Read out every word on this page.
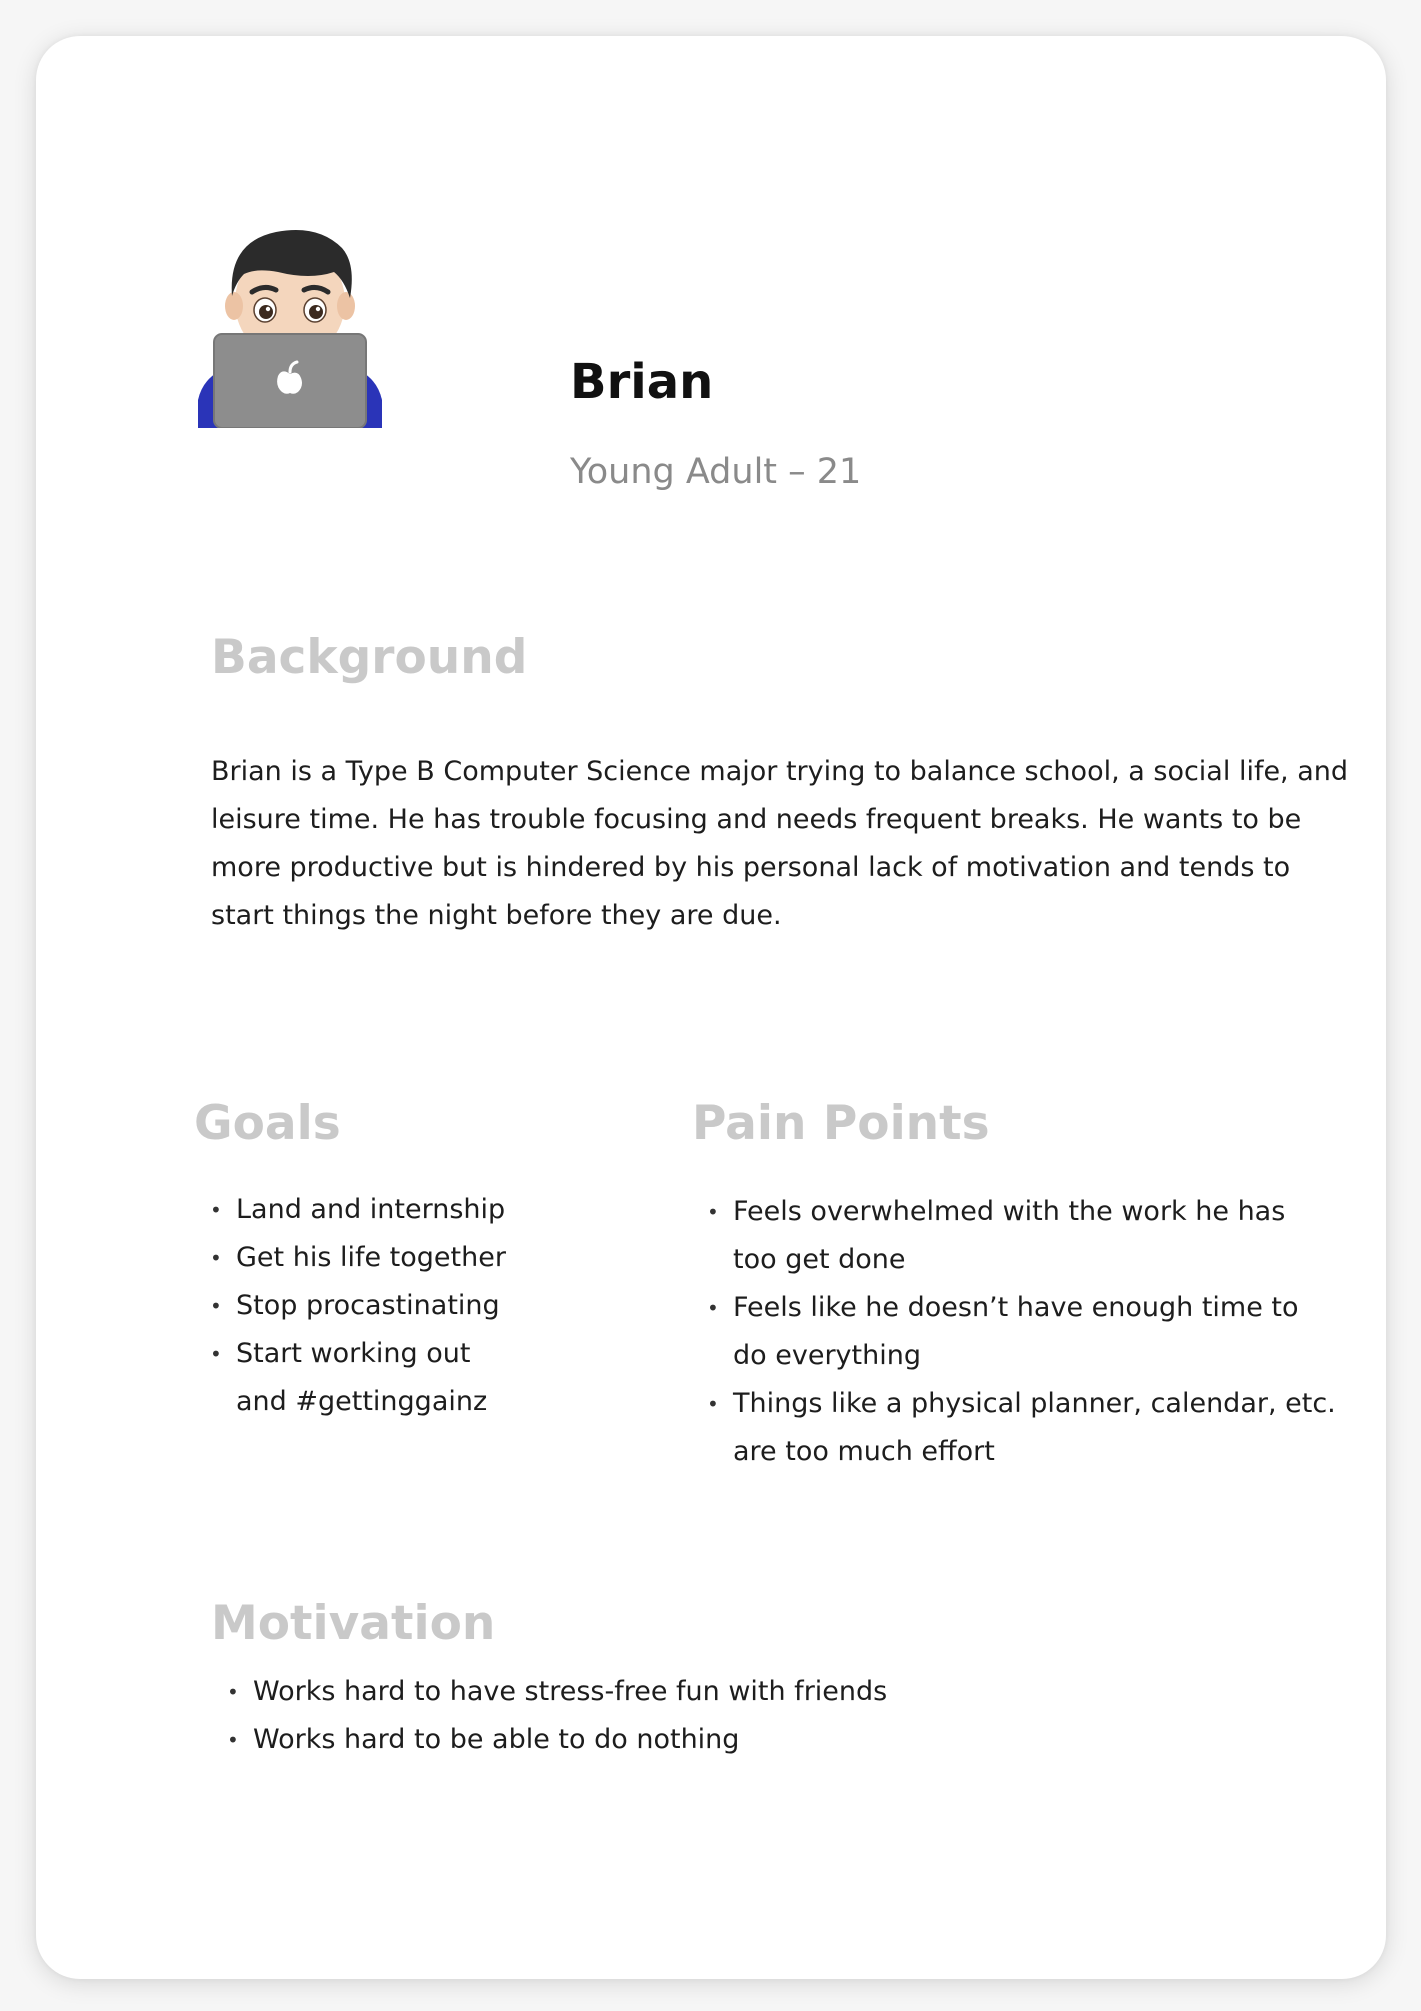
Brian
Young Adult – 21
Background

Brian is a Type B Computer Science major trying to balance school, a social life, and leisure time. He has trouble focusing and needs frequent breaks. He wants to be more productive but is hindered by his personal lack of motivation and tends to start things the night before they are due.

Goals
• Land and internship
• Get his life together
• Stop procastinating
• Start working out and #gettinggainz
Pain Points
• Feels overwhelmed with the work he has too get done
• Feels like he doesn’t have enough time to do everything
• Things like a physical planner, calendar, etc. are too much effort
Motivation
• Works hard to have stress-free fun with friends
• Works hard to be able to do nothing
